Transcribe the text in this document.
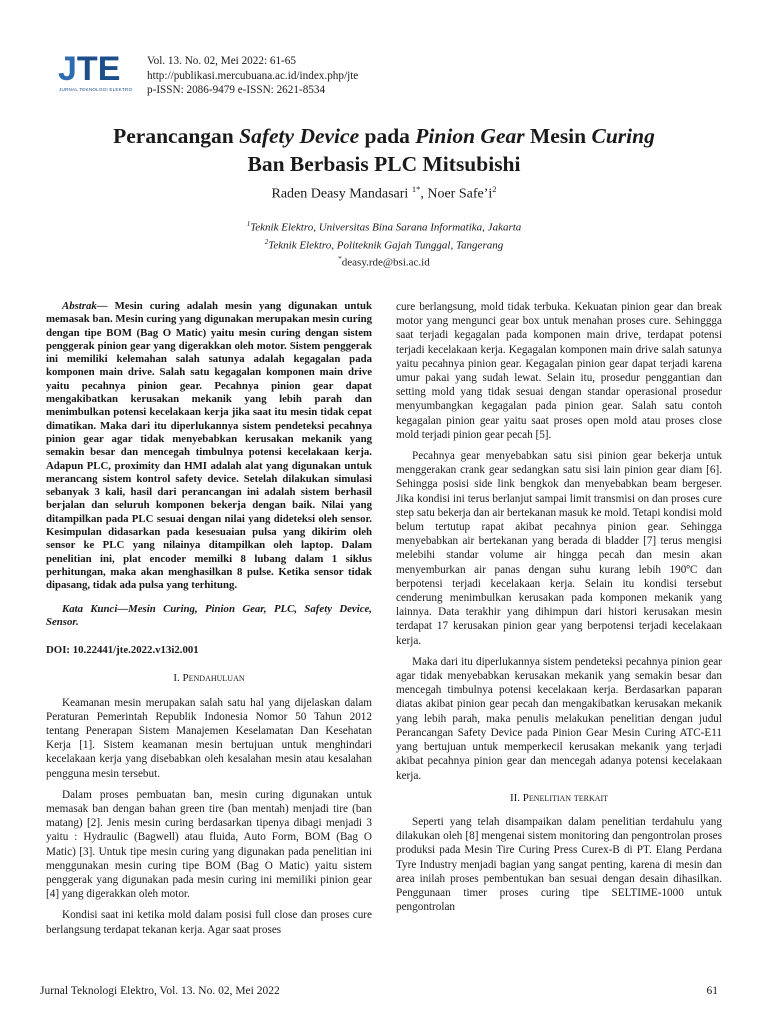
JTE
JURNAL TEKNOLOGI ELEKTRO
Vol. 13. No. 02, Mei 2022: 61-65
http://publikasi.mercubuana.ac.id/index.php/jte
p-ISSN: 2086-9479 e-ISSN: 2621-8534
Perancangan Safety Device pada Pinion Gear Mesin Curing
Ban Berbasis PLC Mitsubishi
Raden Deasy Mandasari $^{1*}$, Noer $Safe’i^2$
$^1$Teknik Elektro, Universitas Bina Sarana Informatika, Jakarta
$^2$Teknik Elektro, Politeknik Gajah Tunggal, Tangerang
*deasy.rde@bsi.ac.id
Abstrak— Mesin curing adalah mesin yang digunakan untuk memasak ban. Mesin curing yang digunakan merupakan mesin curing dengan tipe BOM (Bag O Matic) yaitu mesin curing dengan sistem penggerak pinion gear yang digerakkan oleh motor. Sistem penggerak ini memiliki kelemahan salah satunya adalah kegagalan pada komponen main drive. Salah satu kegagalan komponen main drive yaitu pecahnya pinion gear. Pecahnya pinion gear dapat mengakibatkan kerusakan mekanik yang lebih parah dan menimbulkan potensi kecelakaan kerja jika saat itu mesin tidak cepat dimatikan. Maka dari itu diperlukannya sistem pendeteksi pecahnya pinion gear agar tidak menyebabkan kerusakan mekanik yang semakin besar dan mencegah timbulnya potensi kecelakaan kerja. Adapun PLC, proximity dan HMI adalah alat yang digunakan untuk merancang sistem kontrol safety device. Setelah dilakukan simulasi sebanyak 3 kali, hasil dari perancangan ini adalah sistem berhasil berjalan dan seluruh komponen bekerja dengan baik. Nilai yang ditampilkan pada PLC sesuai dengan nilai yang dideteksi oleh sensor. Kesimpulan didasarkan pada kesesuaian pulsa yang dikirim oleh sensor ke PLC yang nilainya ditampilkan oleh laptop. Dalam penelitian ini, plat encoder memilki 8 lubang dalam 1 siklus perhitungan, maka akan menghasilkan 8 pulse. Ketika sensor tidak dipasang, tidak ada pulsa yang terhitung.
Kata Kunci—Mesin Curing, Pinion Gear, PLC, Safety Device, Sensor.
DOI: 10.22441/jte.2022.v13i2.001
I. Pendahuluan

Keamanan mesin merupakan salah satu hal yang dijelaskan dalam Peraturan Pemerintah Republik Indonesia Nomor 50 Tahun 2012 tentang Penerapan Sistem Manajemen Keselamatan Dan Kesehatan Kerja [1]. Sistem keamanan mesin bertujuan untuk menghindari kecelakaan kerja yang disebabkan oleh kesalahan mesin atau kesalahan pengguna mesin tersebut.

Dalam proses pembuatan ban, mesin curing digunakan untuk memasak ban dengan bahan green tire (ban mentah) menjadi tire (ban matang) [2]. Jenis mesin curing berdasarkan tipenya dibagi menjadi 3 yaitu : Hydraulic (Bagwell) atau fluida, Auto Form, BOM (Bag O Matic) [3]. Untuk tipe mesin curing yang digunakan pada penelitian ini menggunakan mesin curing tipe BOM (Bag O Matic) yaitu sistem penggerak yang digunakan pada mesin curing ini memiliki pinion gear [4] yang digerakkan oleh motor.

Kondisi saat ini ketika mold dalam posisi full close dan proses cure berlangsung terdapat tekanan kerja. Agar saat proses

cure berlangsung, mold tidak terbuka. Kekuatan pinion gear dan break motor yang mengunci gear box untuk menahan proses cure. Sehinggga saat terjadi kegagalan pada komponen main drive, terdapat potensi terjadi kecelakaan kerja. Kegagalan komponen main drive salah satunya yaitu pecahnya pinion gear. Kegagalan pinion gear dapat terjadi karena umur pakai yang sudah lewat. Selain itu, prosedur penggantian dan setting mold yang tidak sesuai dengan standar operasional prosedur menyumbangkan kegagalan pada pinion gear. Salah satu contoh kegagalan pinion gear yaitu saat proses open mold atau proses close mold terjadi pinion gear pecah [5].

Pecahnya gear menyebabkan satu sisi pinion gear bekerja untuk menggerakan crank gear sedangkan satu sisi lain pinion gear diam [6]. Sehingga posisi side link bengkok dan menyebabkan beam bergeser. Jika kondisi ini terus berlanjut sampai limit transmisi on dan proses cure step satu bekerja dan air bertekanan masuk ke mold. Tetapi kondisi mold belum tertutup rapat akibat pecahnya pinion gear. Sehingga menyebabkan air bertekanan yang berada di bladder [7] terus mengisi melebihi standar volume air hingga pecah dan mesin akan menyemburkan air panas dengan suhu kurang lebih 190ºC dan berpotensi terjadi kecelakaan kerja. Selain itu kondisi tersebut cenderung menimbulkan kerusakan pada komponen mekanik yang lainnya. Data terakhir yang dihimpun dari histori kerusakan mesin terdapat 17 kerusakan pinion gear yang berpotensi terjadi kecelakaan kerja.

Maka dari itu diperlukannya sistem pendeteksi pecahnya pinion gear agar tidak menyebabkan kerusakan mekanik yang semakin besar dan mencegah timbulnya potensi kecelakaan kerja. Berdasarkan paparan diatas akibat pinion gear pecah dan mengakibatkan kerusakan mekanik yang lebih parah, maka penulis melakukan penelitian dengan judul Perancangan Safety Device pada Pinion Gear Mesin Curing ATC-E11 yang bertujuan untuk memperkecil kerusakan mekanik yang terjadi akibat pecahnya pinion gear dan mencegah adanya potensi kecelakaan kerja.

II. Penelitian terkait

Seperti yang telah disampaikan dalam penelitian terdahulu yang dilakukan oleh [8] mengenai sistem monitoring dan pengontrolan proses produksi pada Mesin Tire Curing Press Curex-B di PT. Elang Perdana Tyre Industry menjadi bagian yang sangat penting, karena di mesin dan area inilah proses pembentukan ban sesuai dengan desain dihasilkan. Penggunaan timer proses curing tipe SELTIME-1000 untuk pengontrolan

Jurnal Teknologi Elektro, Vol. 13. No. 02, Mei 2022	61
